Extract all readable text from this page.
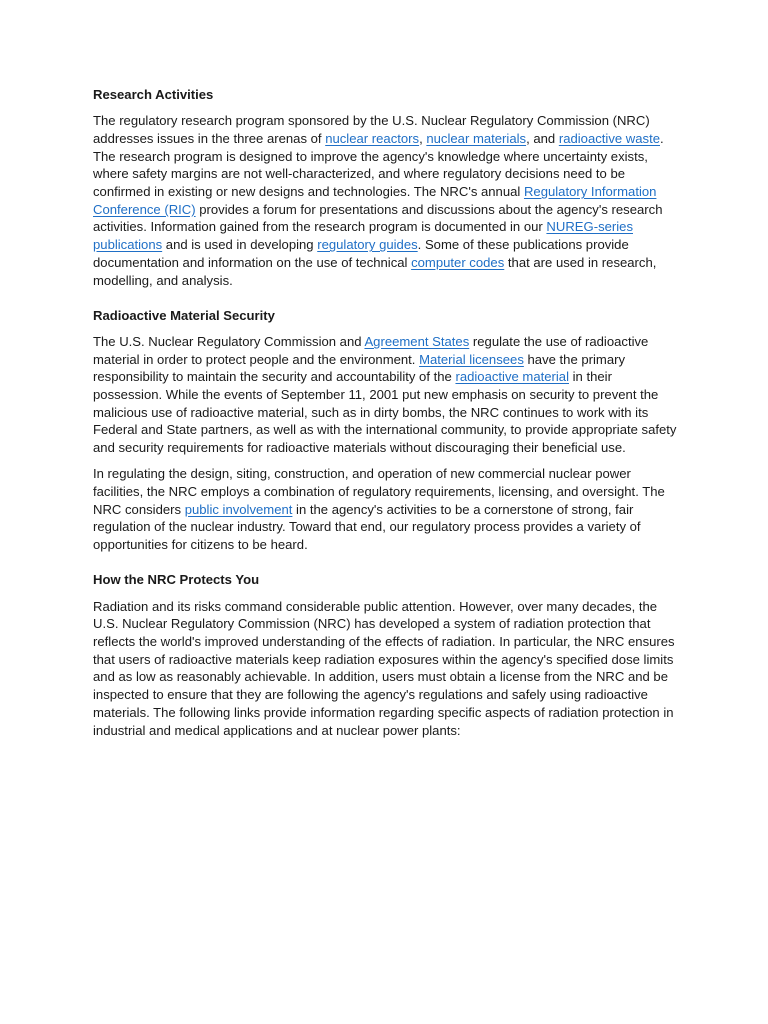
Research Activities

The regulatory research program sponsored by the U.S. Nuclear Regulatory Commission (NRC) addresses issues in the three arenas of nuclear reactors, nuclear materials, and radioactive waste. The research program is designed to improve the agency's knowledge where uncertainty exists, where safety margins are not well-characterized, and where regulatory decisions need to be confirmed in existing or new designs and technologies. The NRC's annual Regulatory Information Conference (RIC) provides a forum for presentations and discussions about the agency's research activities. Information gained from the research program is documented in our NUREG-series publications and is used in developing regulatory guides. Some of these publications provide documentation and information on the use of technical computer codes that are used in research, modelling, and analysis.

Radioactive Material Security

The U.S. Nuclear Regulatory Commission and Agreement States regulate the use of radioactive material in order to protect people and the environment. Material licensees have the primary responsibility to maintain the security and accountability of the radioactive material in their possession. While the events of September 11, 2001 put new emphasis on security to prevent the malicious use of radioactive material, such as in dirty bombs, the NRC continues to work with its Federal and State partners, as well as with the international community, to provide appropriate safety and security requirements for radioactive materials without discouraging their beneficial use.

In regulating the design, siting, construction, and operation of new commercial nuclear power facilities, the NRC employs a combination of regulatory requirements, licensing, and oversight. The NRC considers public involvement in the agency's activities to be a cornerstone of strong, fair regulation of the nuclear industry. Toward that end, our regulatory process provides a variety of opportunities for citizens to be heard.

How the NRC Protects You

Radiation and its risks command considerable public attention. However, over many decades, the U.S. Nuclear Regulatory Commission (NRC) has developed a system of radiation protection that reflects the world's improved understanding of the effects of radiation. In particular, the NRC ensures that users of radioactive materials keep radiation exposures within the agency's specified dose limits and as low as reasonably achievable. In addition, users must obtain a license from the NRC and be inspected to ensure that they are following the agency's regulations and safely using radioactive materials. The following links provide information regarding specific aspects of radiation protection in industrial and medical applications and at nuclear power plants:
